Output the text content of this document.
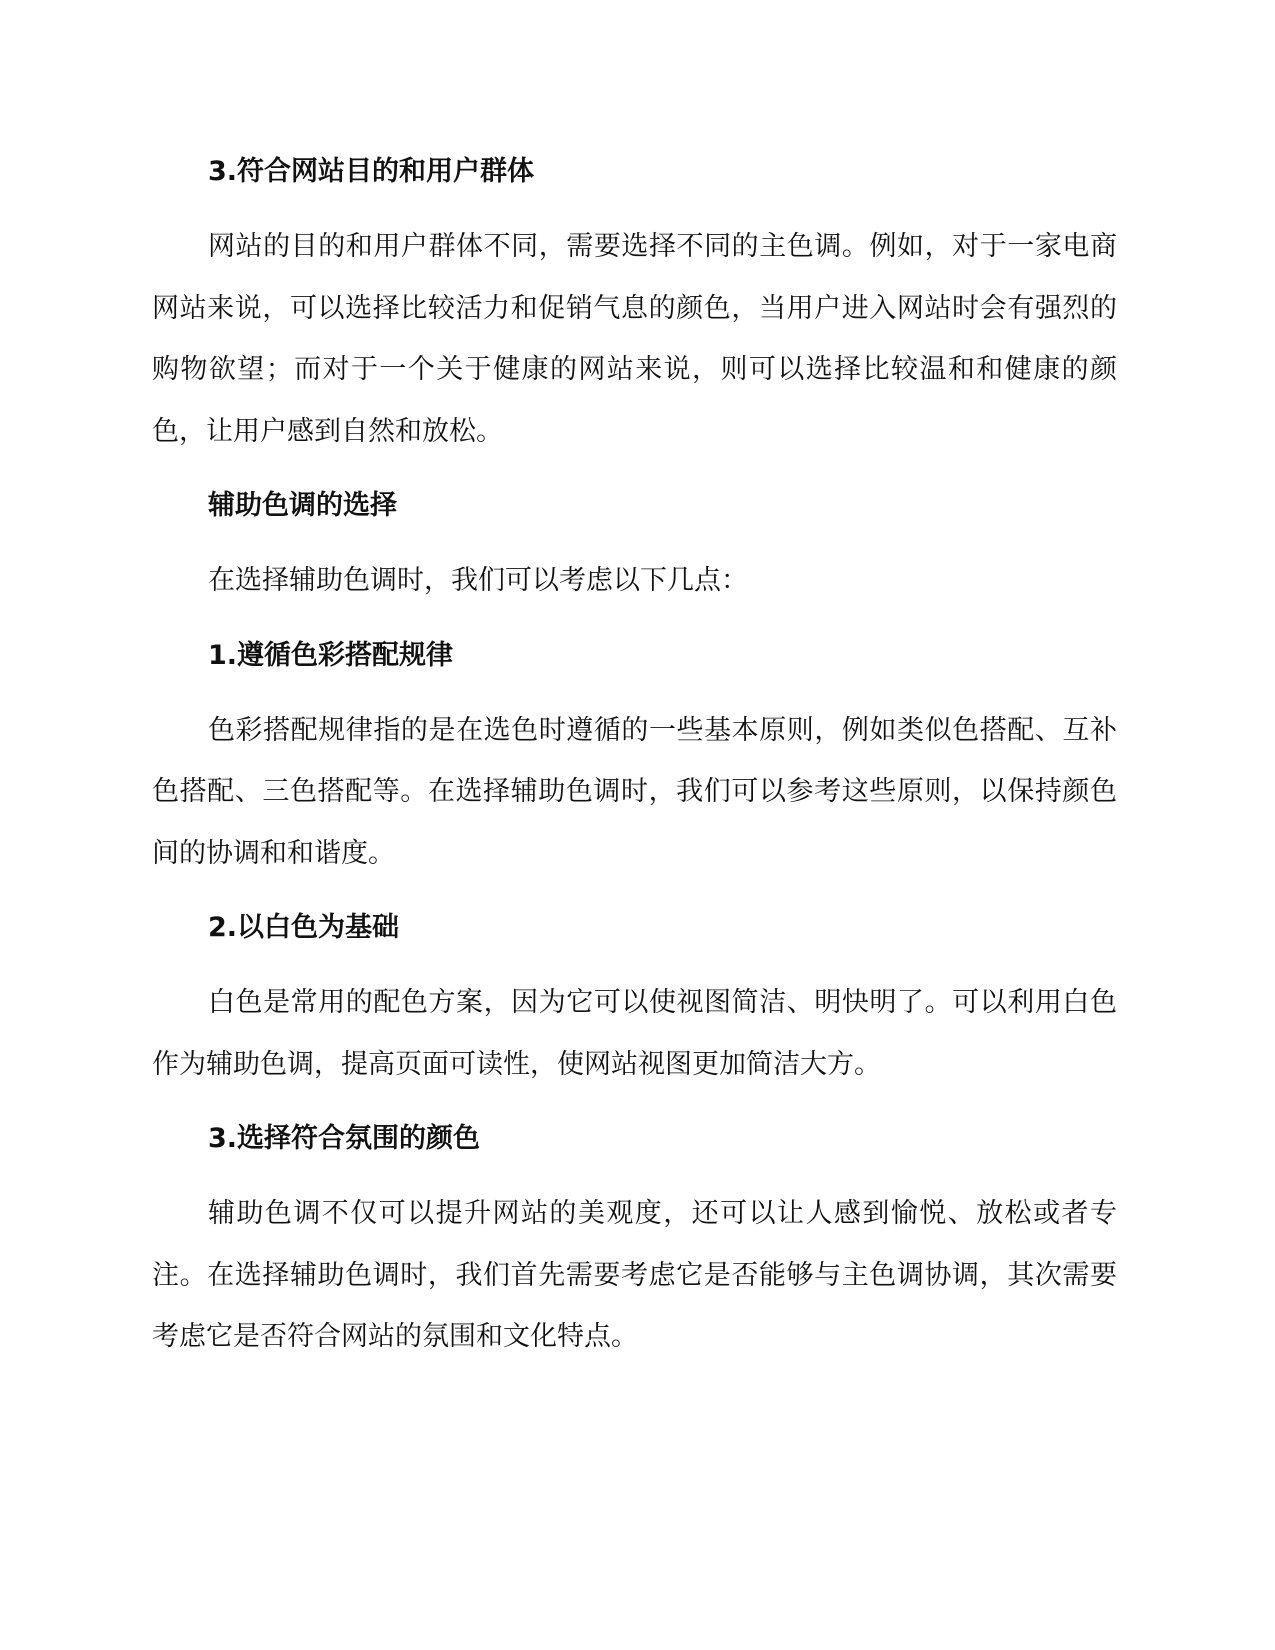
3.符合网站目的和用户群体

网站的目的和用户群体不同，需要选择不同的主色调。例如，对于一家电商网站来说，可以选择比较活力和促销气息的颜色，当用户进入网站时会有强烈的购物欲望；而对于一个关于健康的网站来说，则可以选择比较温和和健康的颜色，让用户感到自然和放松。

辅助色调的选择

在选择辅助色调时，我们可以考虑以下几点：

1.遵循色彩搭配规律

色彩搭配规律指的是在选色时遵循的一些基本原则，例如类似色搭配、互补色搭配、三色搭配等。在选择辅助色调时，我们可以参考这些原则，以保持颜色间的协调和和谐度。

2.以白色为基础

白色是常用的配色方案，因为它可以使视图简洁、明快明了。可以利用白色作为辅助色调，提高页面可读性，使网站视图更加简洁大方。

3.选择符合氛围的颜色

辅助色调不仅可以提升网站的美观度，还可以让人感到愉悦、放松或者专注。在选择辅助色调时，我们首先需要考虑它是否能够与主色调协调，其次需要考虑它是否符合网站的氛围和文化特点。
